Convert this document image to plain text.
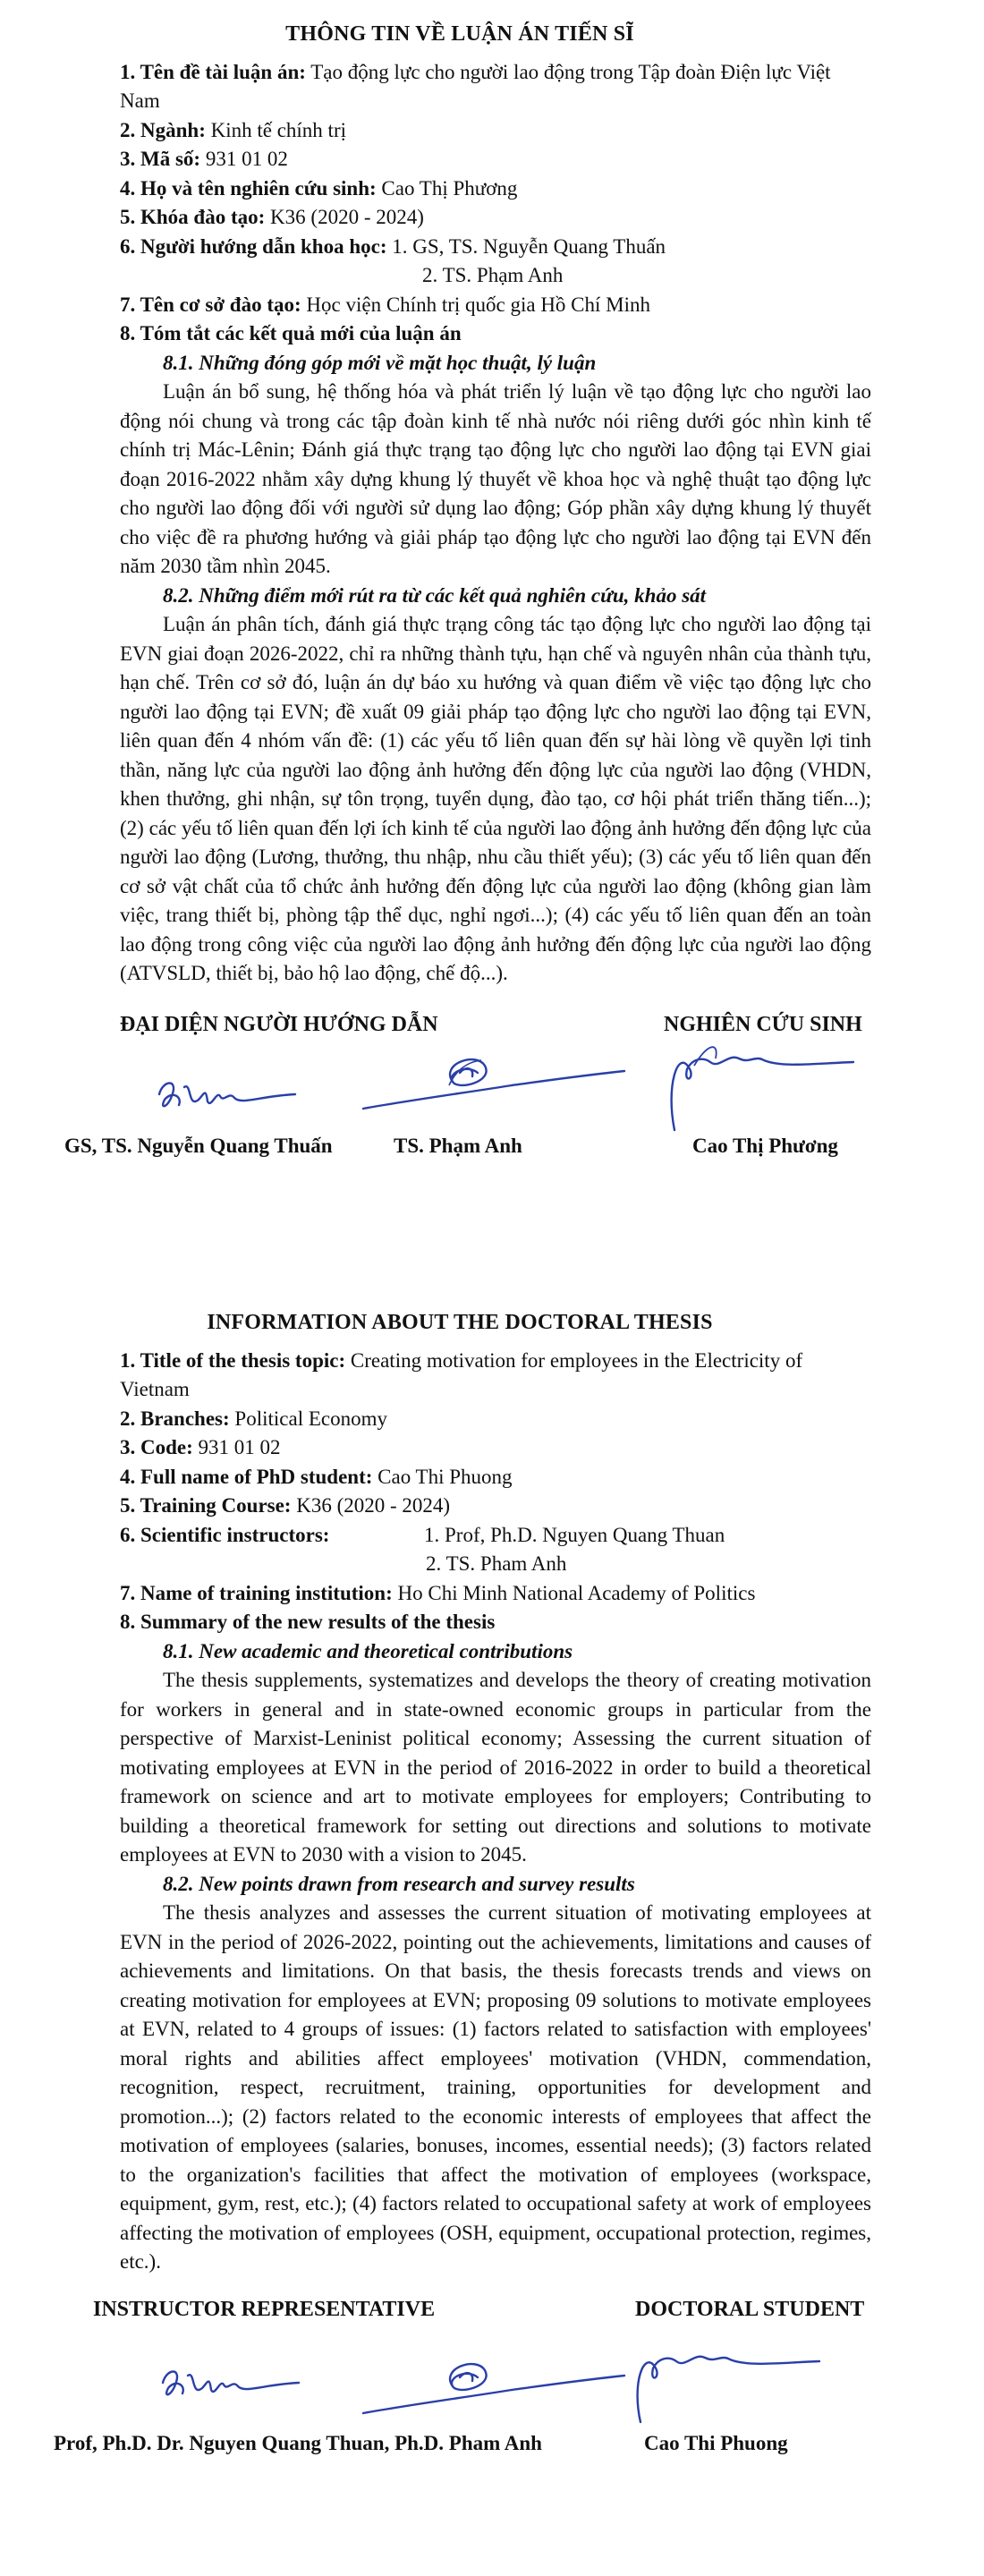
THÔNG TIN VỀ LUẬN ÁN TIẾN SĨ

1. Tên đề tài luận án: Tạo động lực cho người lao động trong Tập đoàn Điện lực Việt Nam

2. Ngành: Kinh tế chính trị

3. Mã số: 931 01 02

4. Họ và tên nghiên cứu sinh: Cao Thị Phương

5. Khóa đào tạo: K36 (2020 - 2024)

6. Người hướng dẫn khoa học: 1. GS, TS. Nguyễn Quang Thuấn

2. TS. Phạm Anh

7. Tên cơ sở đào tạo: Học viện Chính trị quốc gia Hồ Chí Minh

8. Tóm tắt các kết quả mới của luận án

8.1. Những đóng góp mới về mặt học thuật, lý luận

Luận án bổ sung, hệ thống hóa và phát triển lý luận về tạo động lực cho người lao động nói chung và trong các tập đoàn kinh tế nhà nước nói riêng dưới góc nhìn kinh tế chính trị Mác-Lênin; Đánh giá thực trạng tạo động lực cho người lao động tại EVN giai đoạn 2016-2022 nhằm xây dựng khung lý thuyết về khoa học và nghệ thuật tạo động lực cho người lao động đối với người sử dụng lao động; Góp phần xây dựng khung lý thuyết cho việc đề ra phương hướng và giải pháp tạo động lực cho người lao động tại EVN đến năm 2030 tầm nhìn 2045.

8.2. Những điểm mới rút ra từ các kết quả nghiên cứu, khảo sát

Luận án phân tích, đánh giá thực trạng công tác tạo động lực cho người lao động tại EVN giai đoạn 2026-2022, chỉ ra những thành tựu, hạn chế và nguyên nhân của thành tựu, hạn chế. Trên cơ sở đó, luận án dự báo xu hướng và quan điểm về việc tạo động lực cho người lao động tại EVN; đề xuất 09 giải pháp tạo động lực cho người lao động tại EVN, liên quan đến 4 nhóm vấn đề: (1) các yếu tố liên quan đến sự hài lòng về quyền lợi tinh thần, năng lực của người lao động ảnh hưởng đến động lực của người lao động (VHDN, khen thưởng, ghi nhận, sự tôn trọng, tuyển dụng, đào tạo, cơ hội phát triển thăng tiến...); (2) các yếu tố liên quan đến lợi ích kinh tế của người lao động ảnh hưởng đến động lực của người lao động (Lương, thưởng, thu nhập, nhu cầu thiết yếu); (3) các yếu tố liên quan đến cơ sở vật chất của tổ chức ảnh hưởng đến động lực của người lao động (không gian làm việc, trang thiết bị, phòng tập thể dục, nghỉ ngơi...); (4) các yếu tố liên quan đến an toàn lao động trong công việc của người lao động ảnh hưởng đến động lực của người lao động (ATVSLD, thiết bị, bảo hộ lao động, chế độ...).

ĐẠI DIỆN NGƯỜI HƯỚNG DẪN	NGHIÊN CỨU SINH
GS, TS. Nguyễn Quang Thuấn	TS. Phạm Anh	Cao Thị Phương
INFORMATION ABOUT THE DOCTORAL THESIS

1. Title of the thesis topic: Creating motivation for employees in the Electricity of Vietnam

2. Branches: Political Economy

3. Code: 931 01 02

4. Full name of PhD student: Cao Thi Phuong

5. Training Course: K36 (2020 - 2024)

6. Scientific instructors:	1. Prof, Ph.D. Nguyen Quang Thuan

2. TS. Pham Anh

7. Name of training institution: Ho Chi Minh National Academy of Politics

8. Summary of the new results of the thesis

8.1. New academic and theoretical contributions

The thesis supplements, systematizes and develops the theory of creating motivation for workers in general and in state-owned economic groups in particular from the perspective of Marxist-Leninist political economy; Assessing the current situation of motivating employees at EVN in the period of 2016-2022 in order to build a theoretical framework on science and art to motivate employees for employers; Contributing to building a theoretical framework for setting out directions and solutions to motivate employees at EVN to 2030 with a vision to 2045.

8.2. New points drawn from research and survey results

The thesis analyzes and assesses the current situation of motivating employees at EVN in the period of 2026-2022, pointing out the achievements, limitations and causes of achievements and limitations. On that basis, the thesis forecasts trends and views on creating motivation for employees at EVN; proposing 09 solutions to motivate employees at EVN, related to 4 groups of issues: (1) factors related to satisfaction with employees' moral rights and abilities affect employees' motivation (VHDN, commendation, recognition, respect, recruitment, training, opportunities for development and promotion...); (2) factors related to the economic interests of employees that affect the motivation of employees (salaries, bonuses, incomes, essential needs); (3) factors related to the organization's facilities that affect the motivation of employees (workspace, equipment, gym, rest, etc.); (4) factors related to occupational safety at work of employees affecting the motivation of employees (OSH, equipment, occupational protection, regimes, etc.).

INSTRUCTOR REPRESENTATIVE	DOCTORAL STUDENT
Prof, Ph.D. Dr. Nguyen Quang Thuan, Ph.D. Pham Anh	Cao Thi Phuong
